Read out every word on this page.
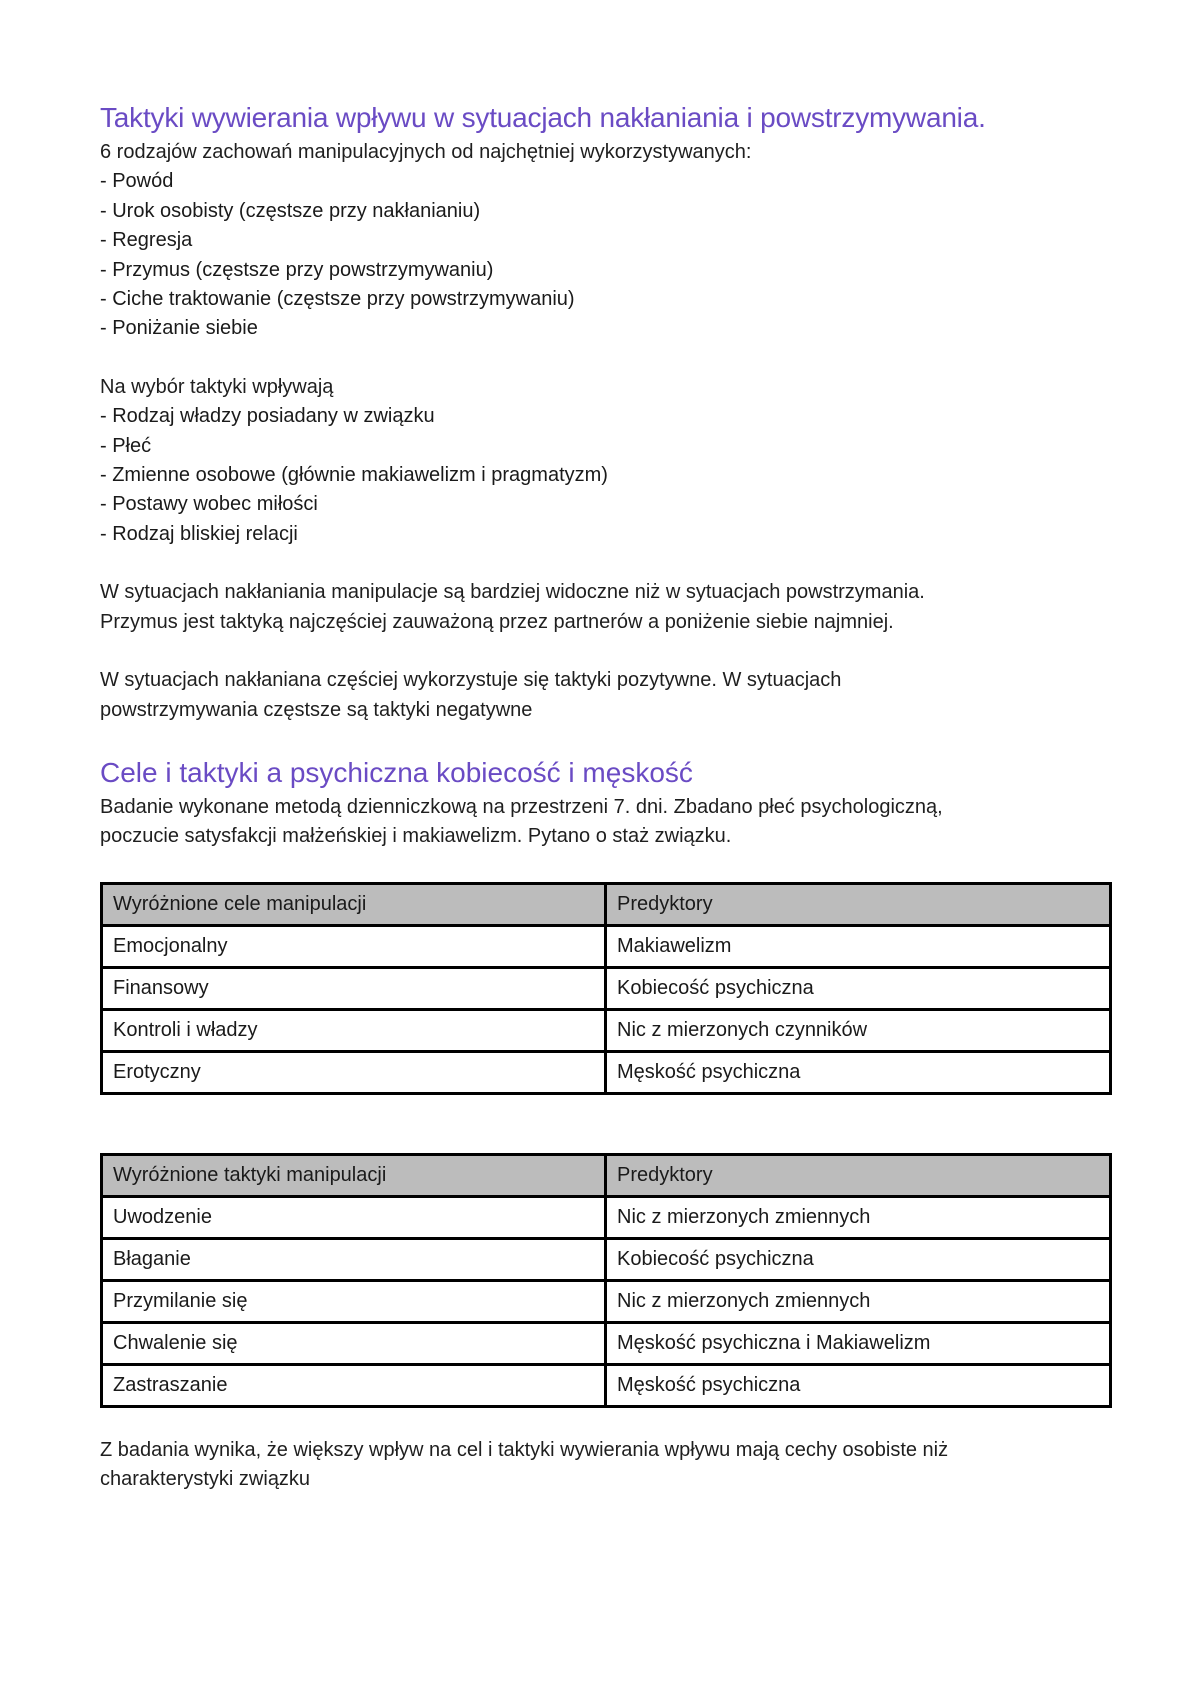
Taktyki wywierania wpływu w sytuacjach nakłaniania i powstrzymywania.

6 rodzajów zachowań manipulacyjnych od najchętniej wykorzystywanych:

- Powód
- Urok osobisty (częstsze przy nakłanianiu)
- Regresja
- Przymus (częstsze przy powstrzymywaniu)
- Ciche traktowanie (częstsze przy powstrzymywaniu)
- Poniżanie siebie

Na wybór taktyki wpływają

- Rodzaj władzy posiadany w związku
- Płeć
- Zmienne osobowe (głównie makiawelizm i pragmatyzm)
- Postawy wobec miłości
- Rodzaj bliskiej relacji

W sytuacjach nakłaniania manipulacje są bardziej widoczne niż w sytuacjach powstrzymania.

Przymus jest taktyką najczęściej zauważoną przez partnerów a poniżenie siebie najmniej.

W sytuacjach nakłaniana częściej wykorzystuje się taktyki pozytywne. W sytuacjach

powstrzymywania częstsze są taktyki negatywne

Cele i taktyki a psychiczna kobiecość i męskość

Badanie wykonane metodą dzienniczkową na przestrzeni 7. dni. Zbadano płeć psychologiczną,

poczucie satysfakcji małżeńskiej i makiawelizm. Pytano o staż związku.

Wyróżnione cele manipulacji	Predyktory
Emocjonalny	Makiawelizm
Finansowy	Kobiecość psychiczna
Kontroli i władzy	Nic z mierzonych czynników
Erotyczny	Męskość psychiczna
Wyróżnione taktyki manipulacji	Predyktory
Uwodzenie	Nic z mierzonych zmiennych
Błaganie	Kobiecość psychiczna
Przymilanie się	Nic z mierzonych zmiennych
Chwalenie się	Męskość psychiczna i Makiawelizm
Zastraszanie	Męskość psychiczna

Z badania wynika, że większy wpływ na cel i taktyki wywierania wpływu mają cechy osobiste niż

charakterystyki związku
